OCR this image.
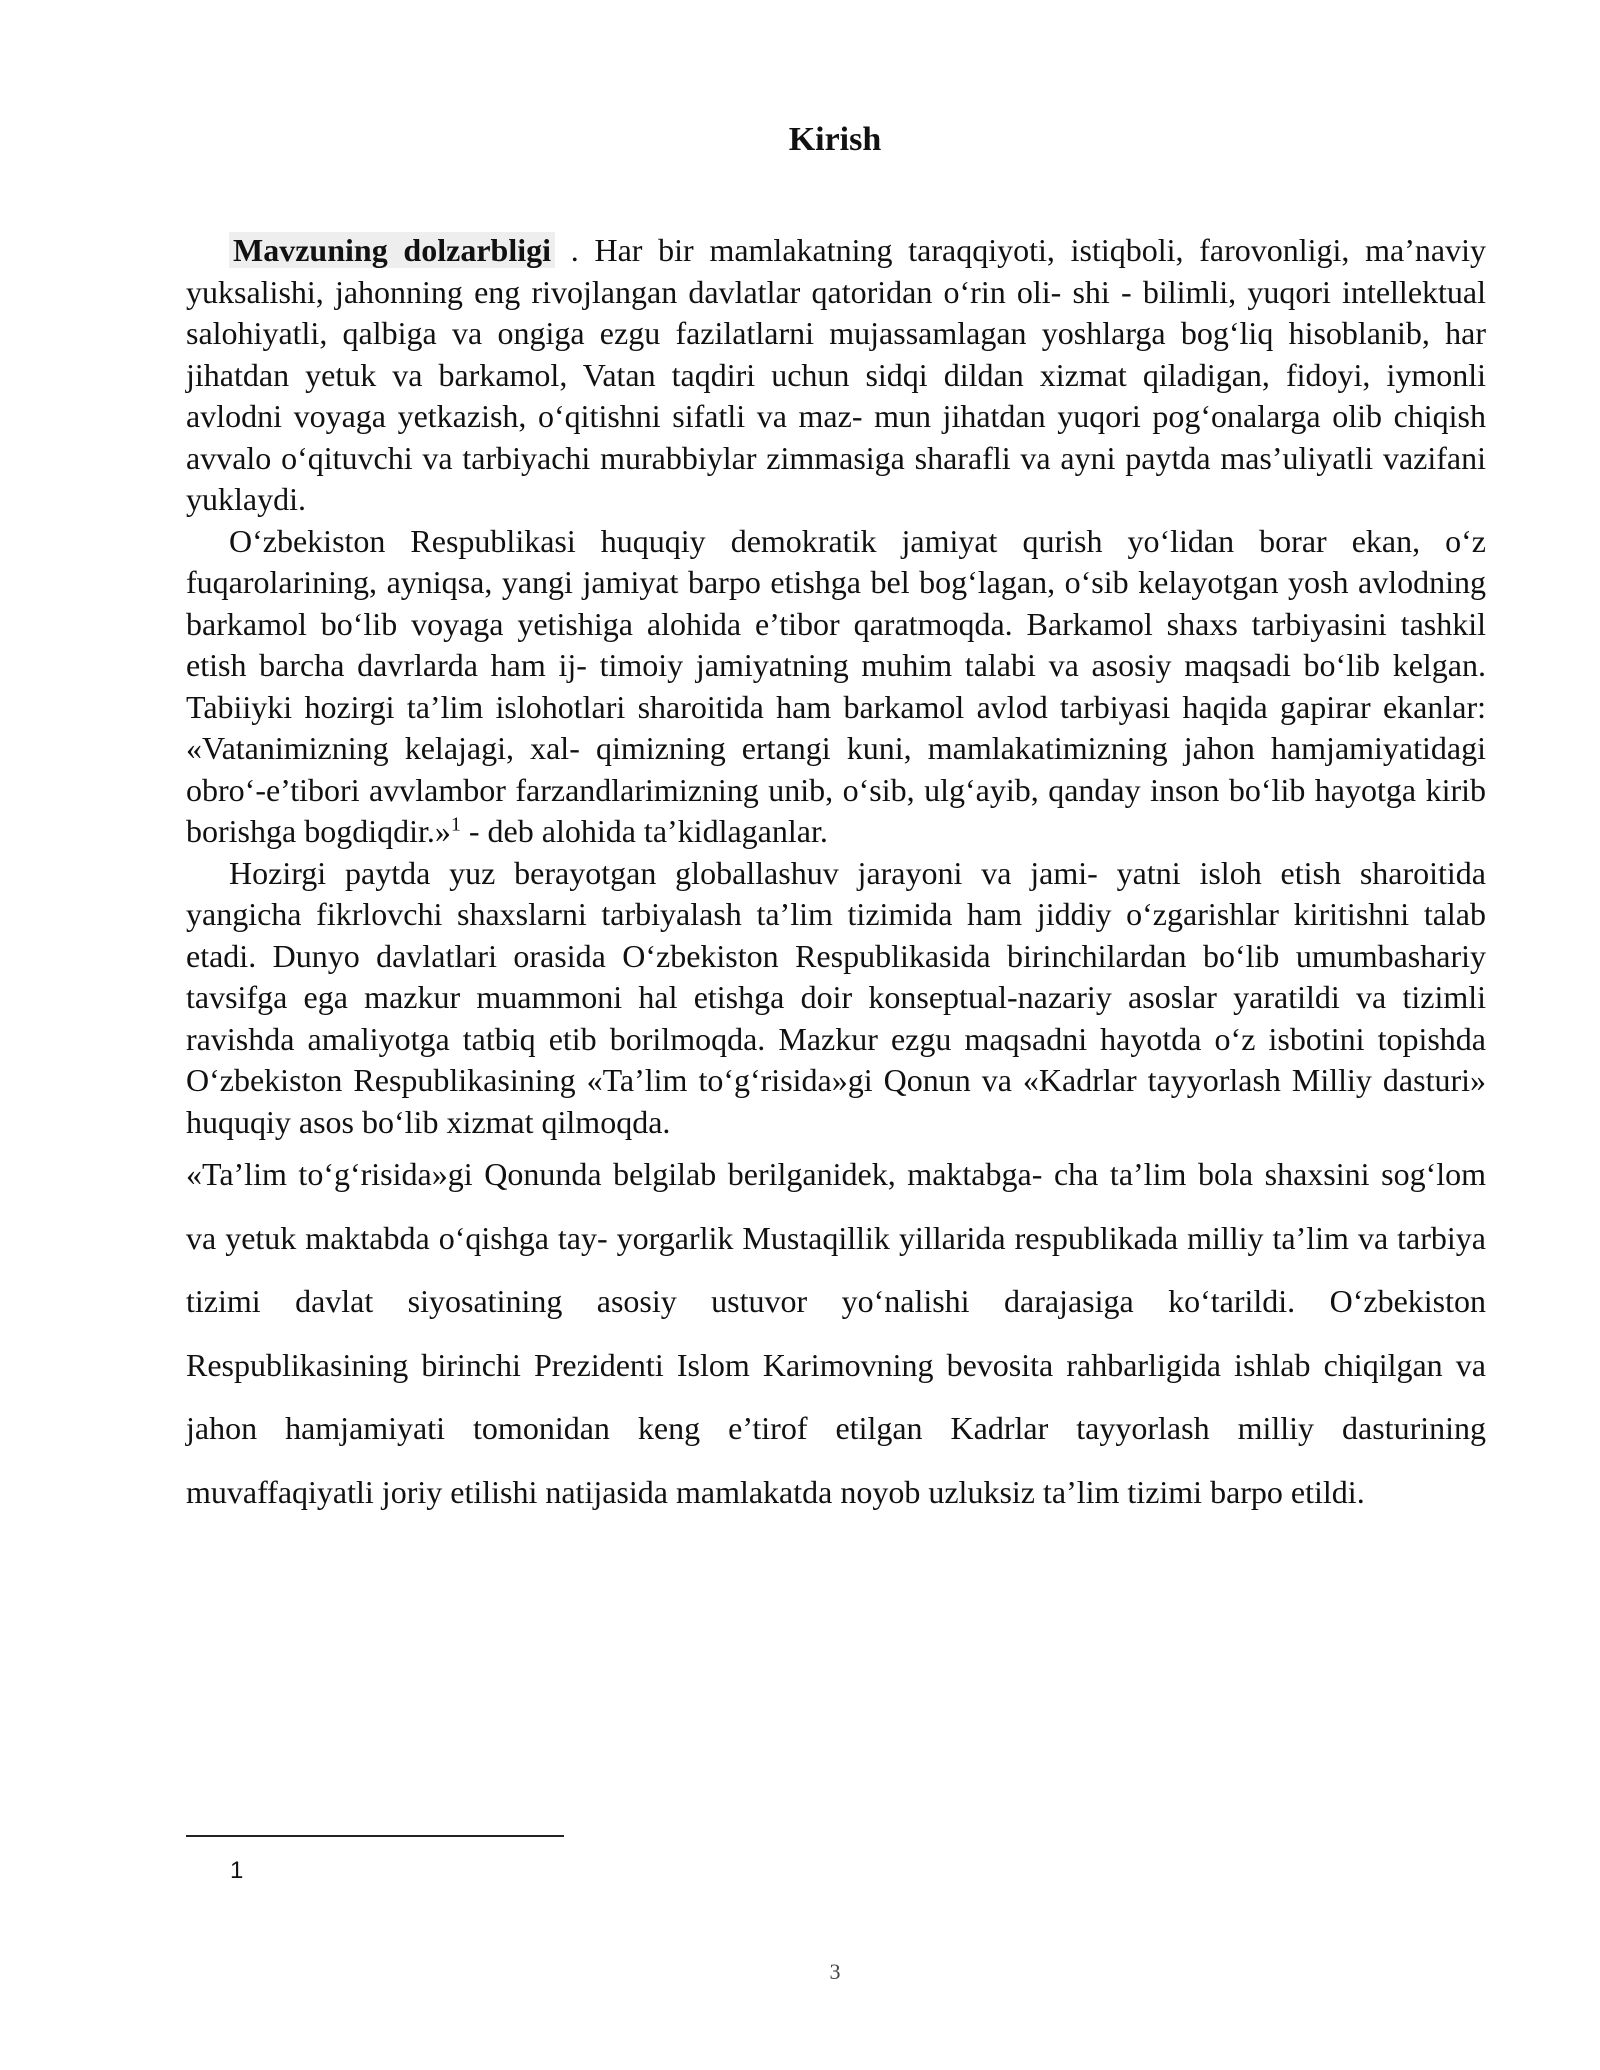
Kirish

Mavzuning dolzarbligi . Har bir mamlakatning taraqqiyoti, istiqboli, farovonligi, ma’naviy yuksalishi, jahonning eng rivojlangan davlatlar qatoridan o‘rin oli- shi - bilimli, yuqori intellektual salohiyatli, qalbiga va ongiga ezgu fazilatlarni mujassamlagan yoshlarga bog‘liq hisoblanib, har jihatdan yetuk va barkamol, Vatan taqdiri uchun sidqi dildan xizmat qiladigan, fidoyi, iymonli avlodni voyaga yetkazish, o‘qitishni sifatli va maz- mun jihatdan yuqori pog‘onalarga olib chiqish avvalo o‘qituvchi va tarbiyachi murabbiylar zimmasiga sharafli va ayni paytda mas’uliyatli vazifani yuklaydi.

O‘zbekiston Respublikasi huquqiy demokratik jamiyat qurish yo‘lidan borar ekan, o‘z fuqarolarining, ayniqsa, yangi jamiyat barpo etishga bel bog‘lagan, o‘sib kelayotgan yosh avlodning barkamol bo‘lib voyaga yetishiga alohida e’tibor qaratmoqda. Barkamol shaxs tarbiyasini tashkil etish barcha davrlarda ham ij- timoiy jamiyatning muhim talabi va asosiy maqsadi bo‘lib kelgan. Tabiiyki hozirgi ta’lim islohotlari sharoitida ham barkamol avlod tarbiyasi haqida gapirar ekanlar: «Vatanimizning kelajagi, xal- qimizning ertangi kuni, mamlakatimizning jahon hamjamiyatidagi obro‘-e’tibori avvlambor farzandlarimizning unib, o‘sib, ulg‘ayib, qanday inson bo‘lib hayotga kirib borishga bogdiqdir.»$^1$ - deb alohida ta’kidlaganlar.

Hozirgi paytda yuz berayotgan globallashuv jarayoni va jami- yatni isloh etish sharoitida yangicha fikrlovchi shaxslarni tarbiyalash ta’lim tizimida ham jiddiy o‘zgarishlar kiritishni talab etadi. Dunyo davlatlari orasida O‘zbekiston Respublikasida birinchilardan bo‘lib umumbashariy tavsifga ega mazkur muammoni hal etishga doir konseptual-nazariy asoslar yaratildi va tizimli ravishda amaliyotga tatbiq etib borilmoqda. Mazkur ezgu maqsadni hayotda o‘z isbotini topishda O‘zbekiston Respublikasining «Ta’lim to‘g‘risida»gi Qonun va «Kadrlar tayyorlash Milliy dasturi» huquqiy asos bo‘lib xizmat qilmoqda.

«Ta’lim to‘g‘risida»gi Qonunda belgilab berilganidek, maktabga- cha ta’lim bola shaxsini sog‘lom va yetuk maktabda o‘qishga tay- yorgarlik Mustaqillik yillarida respublikada milliy ta’lim va tarbiya tizimi davlat siyosatining asosiy ustuvor yo‘nalishi darajasiga ko‘tarildi. O‘zbekiston Respublikasining birinchi Prezidenti Islom Karimovning bevosita rahbarligida ishlab chiqilgan va jahon hamjamiyati tomonidan keng e’tirof etilgan Kadrlar tayyorlash milliy dasturining muvaffaqiyatli joriy etilishi natijasida mamlakatda noyob uzluksiz ta’lim tizimi barpo etildi.

1
3
